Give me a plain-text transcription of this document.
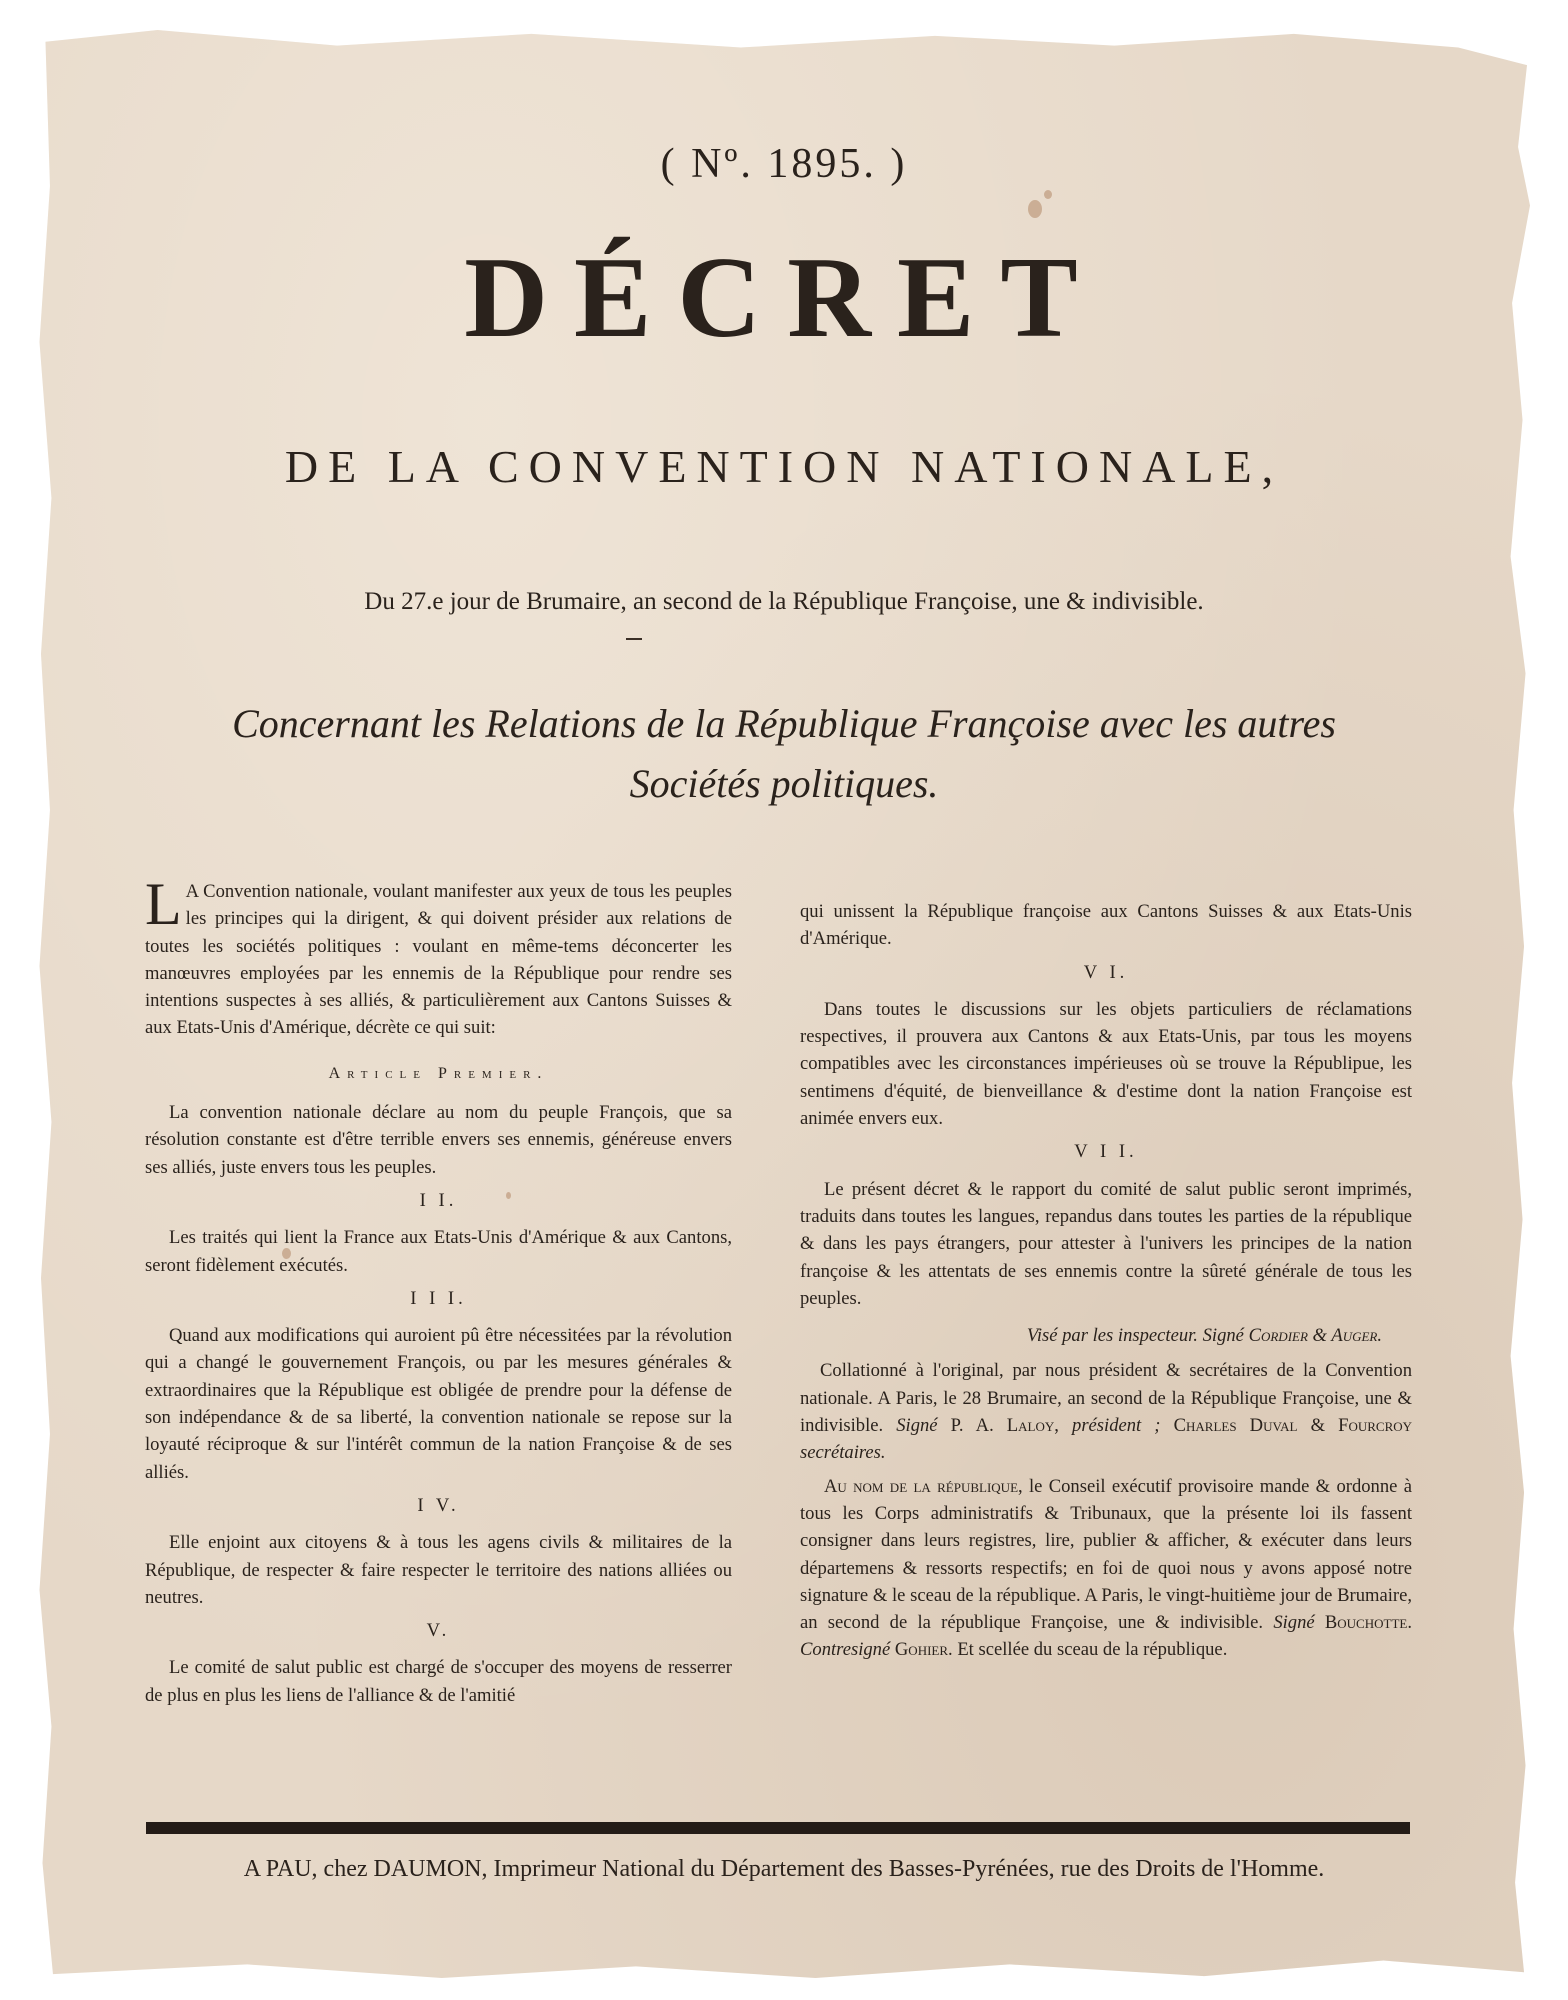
( Nº. 1895. )
DÉCRET
DE LA CONVENTION NATIONALE,
Du 27.e jour de Brumaire, an second de la République Françoise, une & indivisible.
Concernant les Relations de la République Françoise avec les autres
Sociétés politiques.

L A Convention nationale, voulant manifester aux yeux de tous les peuples les principes qui la dirigent, & qui doivent présider aux relations de toutes les sociétés politiques : voulant en même-tems déconcerter les manœuvres employées par les ennemis de la République pour rendre ses intentions suspectes à ses alliés, & particulièrement aux Cantons Suisses & aux Etats-Unis d'Amérique, décrète ce qui suit:

Article Premier.

La convention nationale déclare au nom du peuple François, que sa résolution constante est d'être terrible envers ses ennemis, généreuse envers ses alliés, juste envers tous les peuples.

I I.

Les traités qui lient la France aux Etats-Unis d'Amérique & aux Cantons, seront fidèlement exécutés.

I I I.

Quand aux modifications qui auroient pû être nécessitées par la révolution qui a changé le gouvernement François, ou par les mesures générales & extraordinaires que la République est obligée de prendre pour la défense de son indépendance & de sa liberté, la convention nationale se repose sur la loyauté réciproque & sur l'intérêt commun de la nation Françoise & de ses alliés.

I V.

Elle enjoint aux citoyens & à tous les agens civils & militaires de la République, de respecter & faire respecter le territoire des nations alliées ou neutres.

V.

Le comité de salut public est chargé de s'occuper des moyens de resserrer de plus en plus les liens de l'alliance & de l'amitié

qui unissent la République françoise aux Cantons Suisses & aux Etats-Unis d'Amérique.

V I.

Dans toutes le discussions sur les objets particuliers de réclamations respectives, il prouvera aux Cantons & aux Etats-Unis, par tous les moyens compatibles avec les circonstances impérieuses où se trouve la Républipue, les sentimens d'équité, de bienveillance & d'estime dont la nation Françoise est animée envers eux.

V I I.

Le présent décret & le rapport du comité de salut public seront imprimés, traduits dans toutes les langues, repandus dans toutes les parties de la république & dans les pays étrangers, pour attester à l'univers les principes de la nation françoise & les attentats de ses ennemis contre la sûreté générale de tous les peuples.

Visé par les inspecteur. Signé Cordier & Auger.

Collationné à l'original, par nous président & secrétaires de la Convention nationale. A Paris, le 28 Brumaire, an second de la République Françoise, une & indivisible. Signé P. A. Laloy, président ; Charles Duval & Fourcroy secrétaires.

Au nom de la république, le Conseil exécutif provisoire mande & ordonne à tous les Corps administratifs & Tribunaux, que la présente loi ils fassent consigner dans leurs registres, lire, publier & afficher, & exécuter dans leurs départemens & ressorts respectifs; en foi de quoi nous y avons apposé notre signature & le sceau de la république. A Paris, le vingt-huitième jour de Brumaire, an second de la république Françoise, une & indivisible. Signé Bouchotte. Contresigné Gohier. Et scellée du sceau de la république.

A PAU, chez DAUMON, Imprimeur National du Département des Basses-Pyrénées, rue des Droits de l'Homme.
